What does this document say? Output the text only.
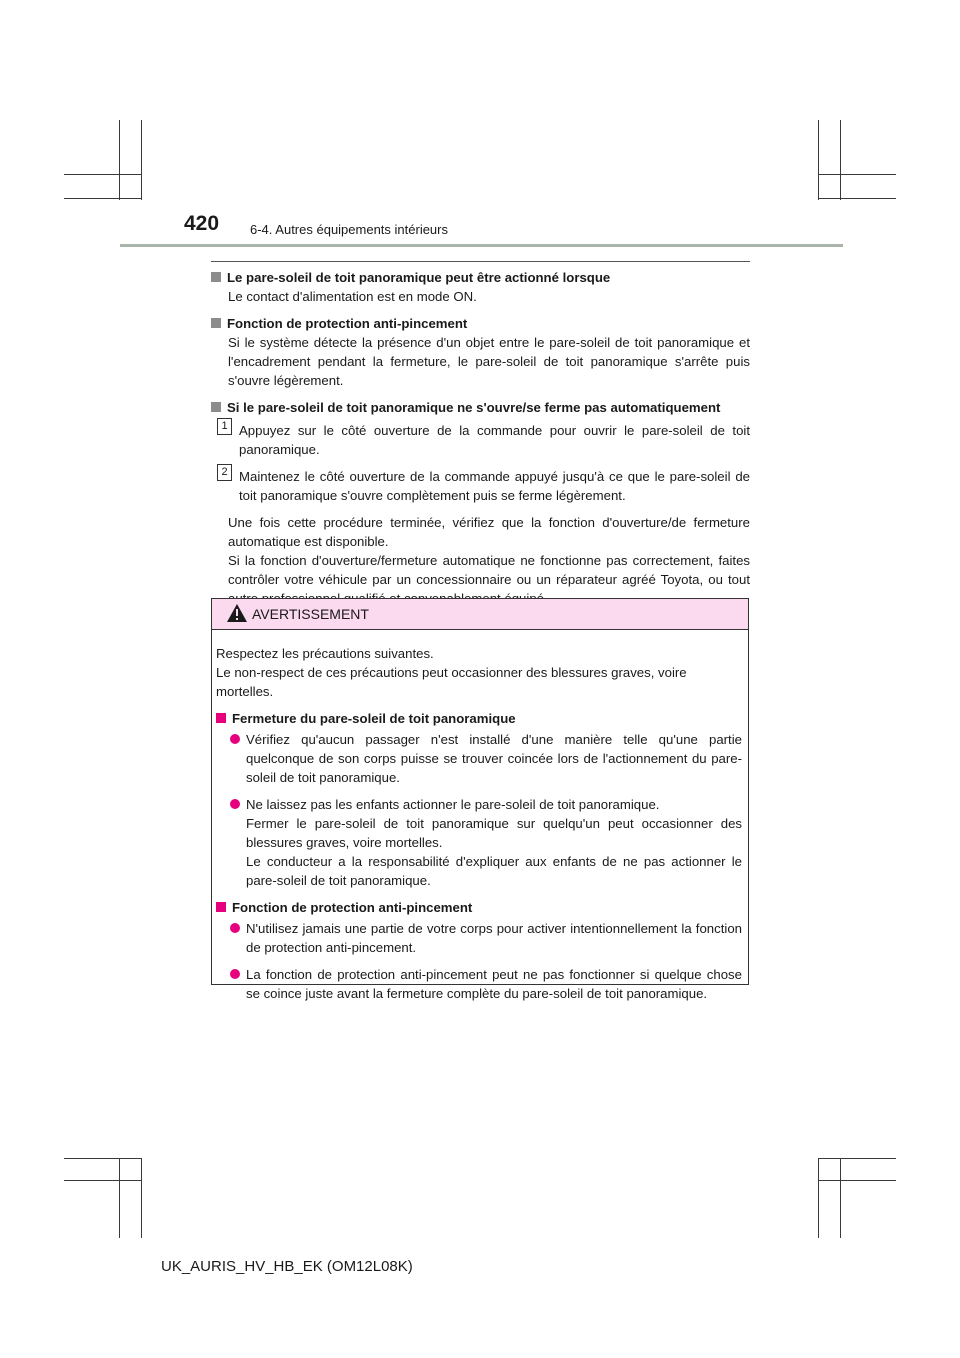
420 6-4. Autres équipements intérieurs

Le pare-soleil de toit panoramique peut être actionné lorsque

Le contact d'alimentation est en mode ON.

Fonction de protection anti-pincement

Si le système détecte la présence d'un objet entre le pare-soleil de toit panoramique et l'encadrement pendant la fermeture, le pare-soleil de toit panoramique s'arrête puis s'ouvre légèrement.

Si le pare-soleil de toit panoramique ne s'ouvre/se ferme pas automatiquement

1 Appuyez sur le côté ouverture de la commande pour ouvrir le pare-soleil de toit panoramique.
2 Maintenez le côté ouverture de la commande appuyé jusqu'à ce que le pare-soleil de toit panoramique s'ouvre complètement puis se ferme légèrement.

Une fois cette procédure terminée, vérifiez que la fonction d'ouverture/de fermeture automatique est disponible.
Si la fonction d'ouverture/fermeture automatique ne fonctionne pas correctement, faites contrôler votre véhicule par un concessionnaire ou un réparateur agréé Toyota, ou tout

AVERTISSEMENT

Respectez les précautions suivantes.
Le non-respect de ces précautions peut occasionner des blessures graves, voire mortelles.

Fermeture du pare-soleil de toit panoramique

Vérifiez qu'aucun passager n'est installé d'une manière telle qu'une partie quelconque de son corps puisse se trouver coincée lors de l'actionnement du pare-soleil de toit panoramique.
Ne laissez pas les enfants actionner le pare-soleil de toit panoramique.
Fermer le pare-soleil de toit panoramique sur quelqu'un peut occasionner des blessures graves, voire mortelles.
Le conducteur a la responsabilité d'expliquer aux enfants de ne pas actionner le pare-soleil de toit panoramique.

Fonction de protection anti-pincement

N'utilisez jamais une partie de votre corps pour activer intentionnellement la fonction de protection anti-pincement.
La fonction de protection anti-pincement peut ne pas fonctionner si quelque chose se coince juste avant la fermeture complète du pare-soleil de toit panoramique.
UK_AURIS_HV_HB_EK (OM12L08K)
